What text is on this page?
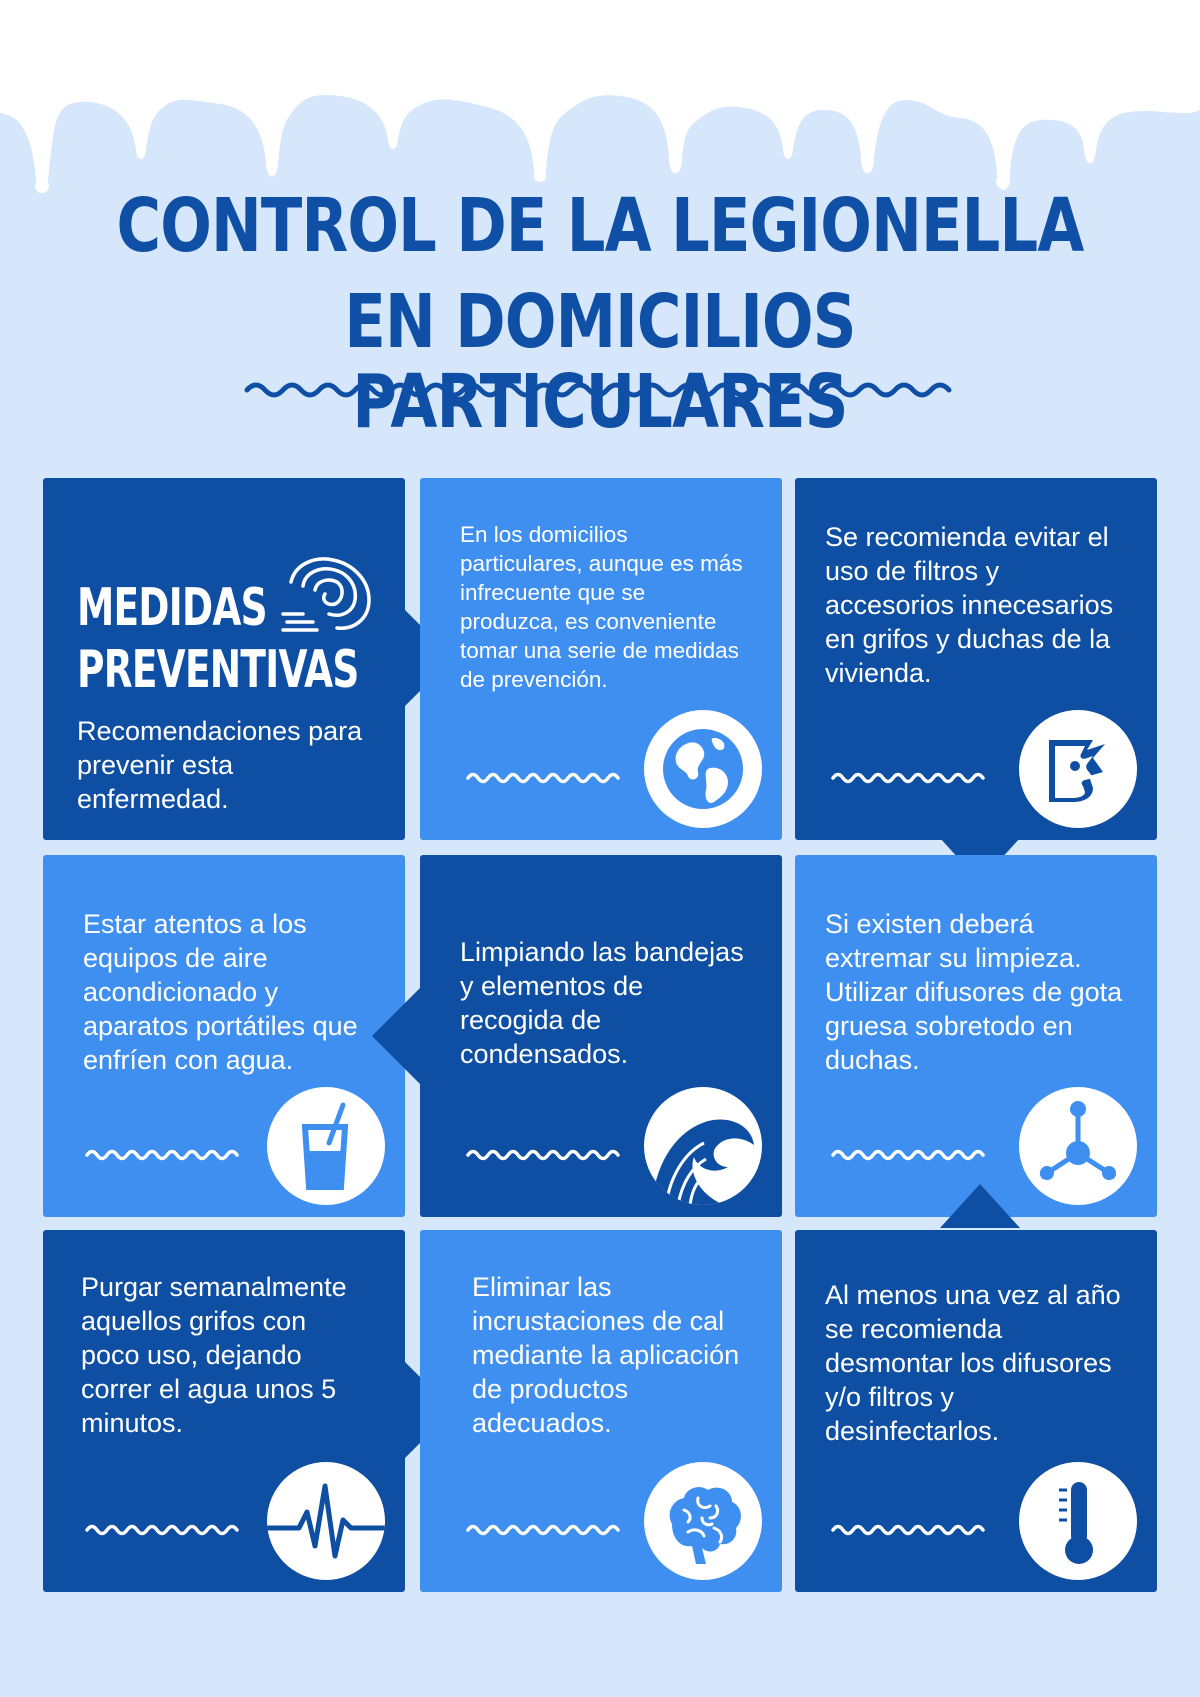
CONTROL DE LA LEGIONELLA
EN DOMICILIOS PARTICULARES
MEDIDAS
PREVENTIVAS
Recomendaciones para prevenir esta enfermedad.
En los domicilios particulares, aunque es más infrecuente que se produzca, es conveniente tomar una serie de medidas de prevención.
Se recomienda evitar el uso de filtros y accesorios innecesarios en grifos y duchas de la vivienda.
Estar atentos a los equipos de aire acondicionado y aparatos portátiles que enfríen con agua.
Limpiando las bandejas y elementos de recogida de condensados.
Si existen deberá extremar su limpieza. Utilizar difusores de gota gruesa sobretodo en duchas.
Purgar semanalmente aquellos grifos con poco uso, dejando correr el agua unos 5 minutos.
Eliminar las incrustaciones de cal mediante la aplicación de productos adecuados.
Al menos una vez al año se recomienda desmontar los difusores y/o filtros y desinfectarlos.
